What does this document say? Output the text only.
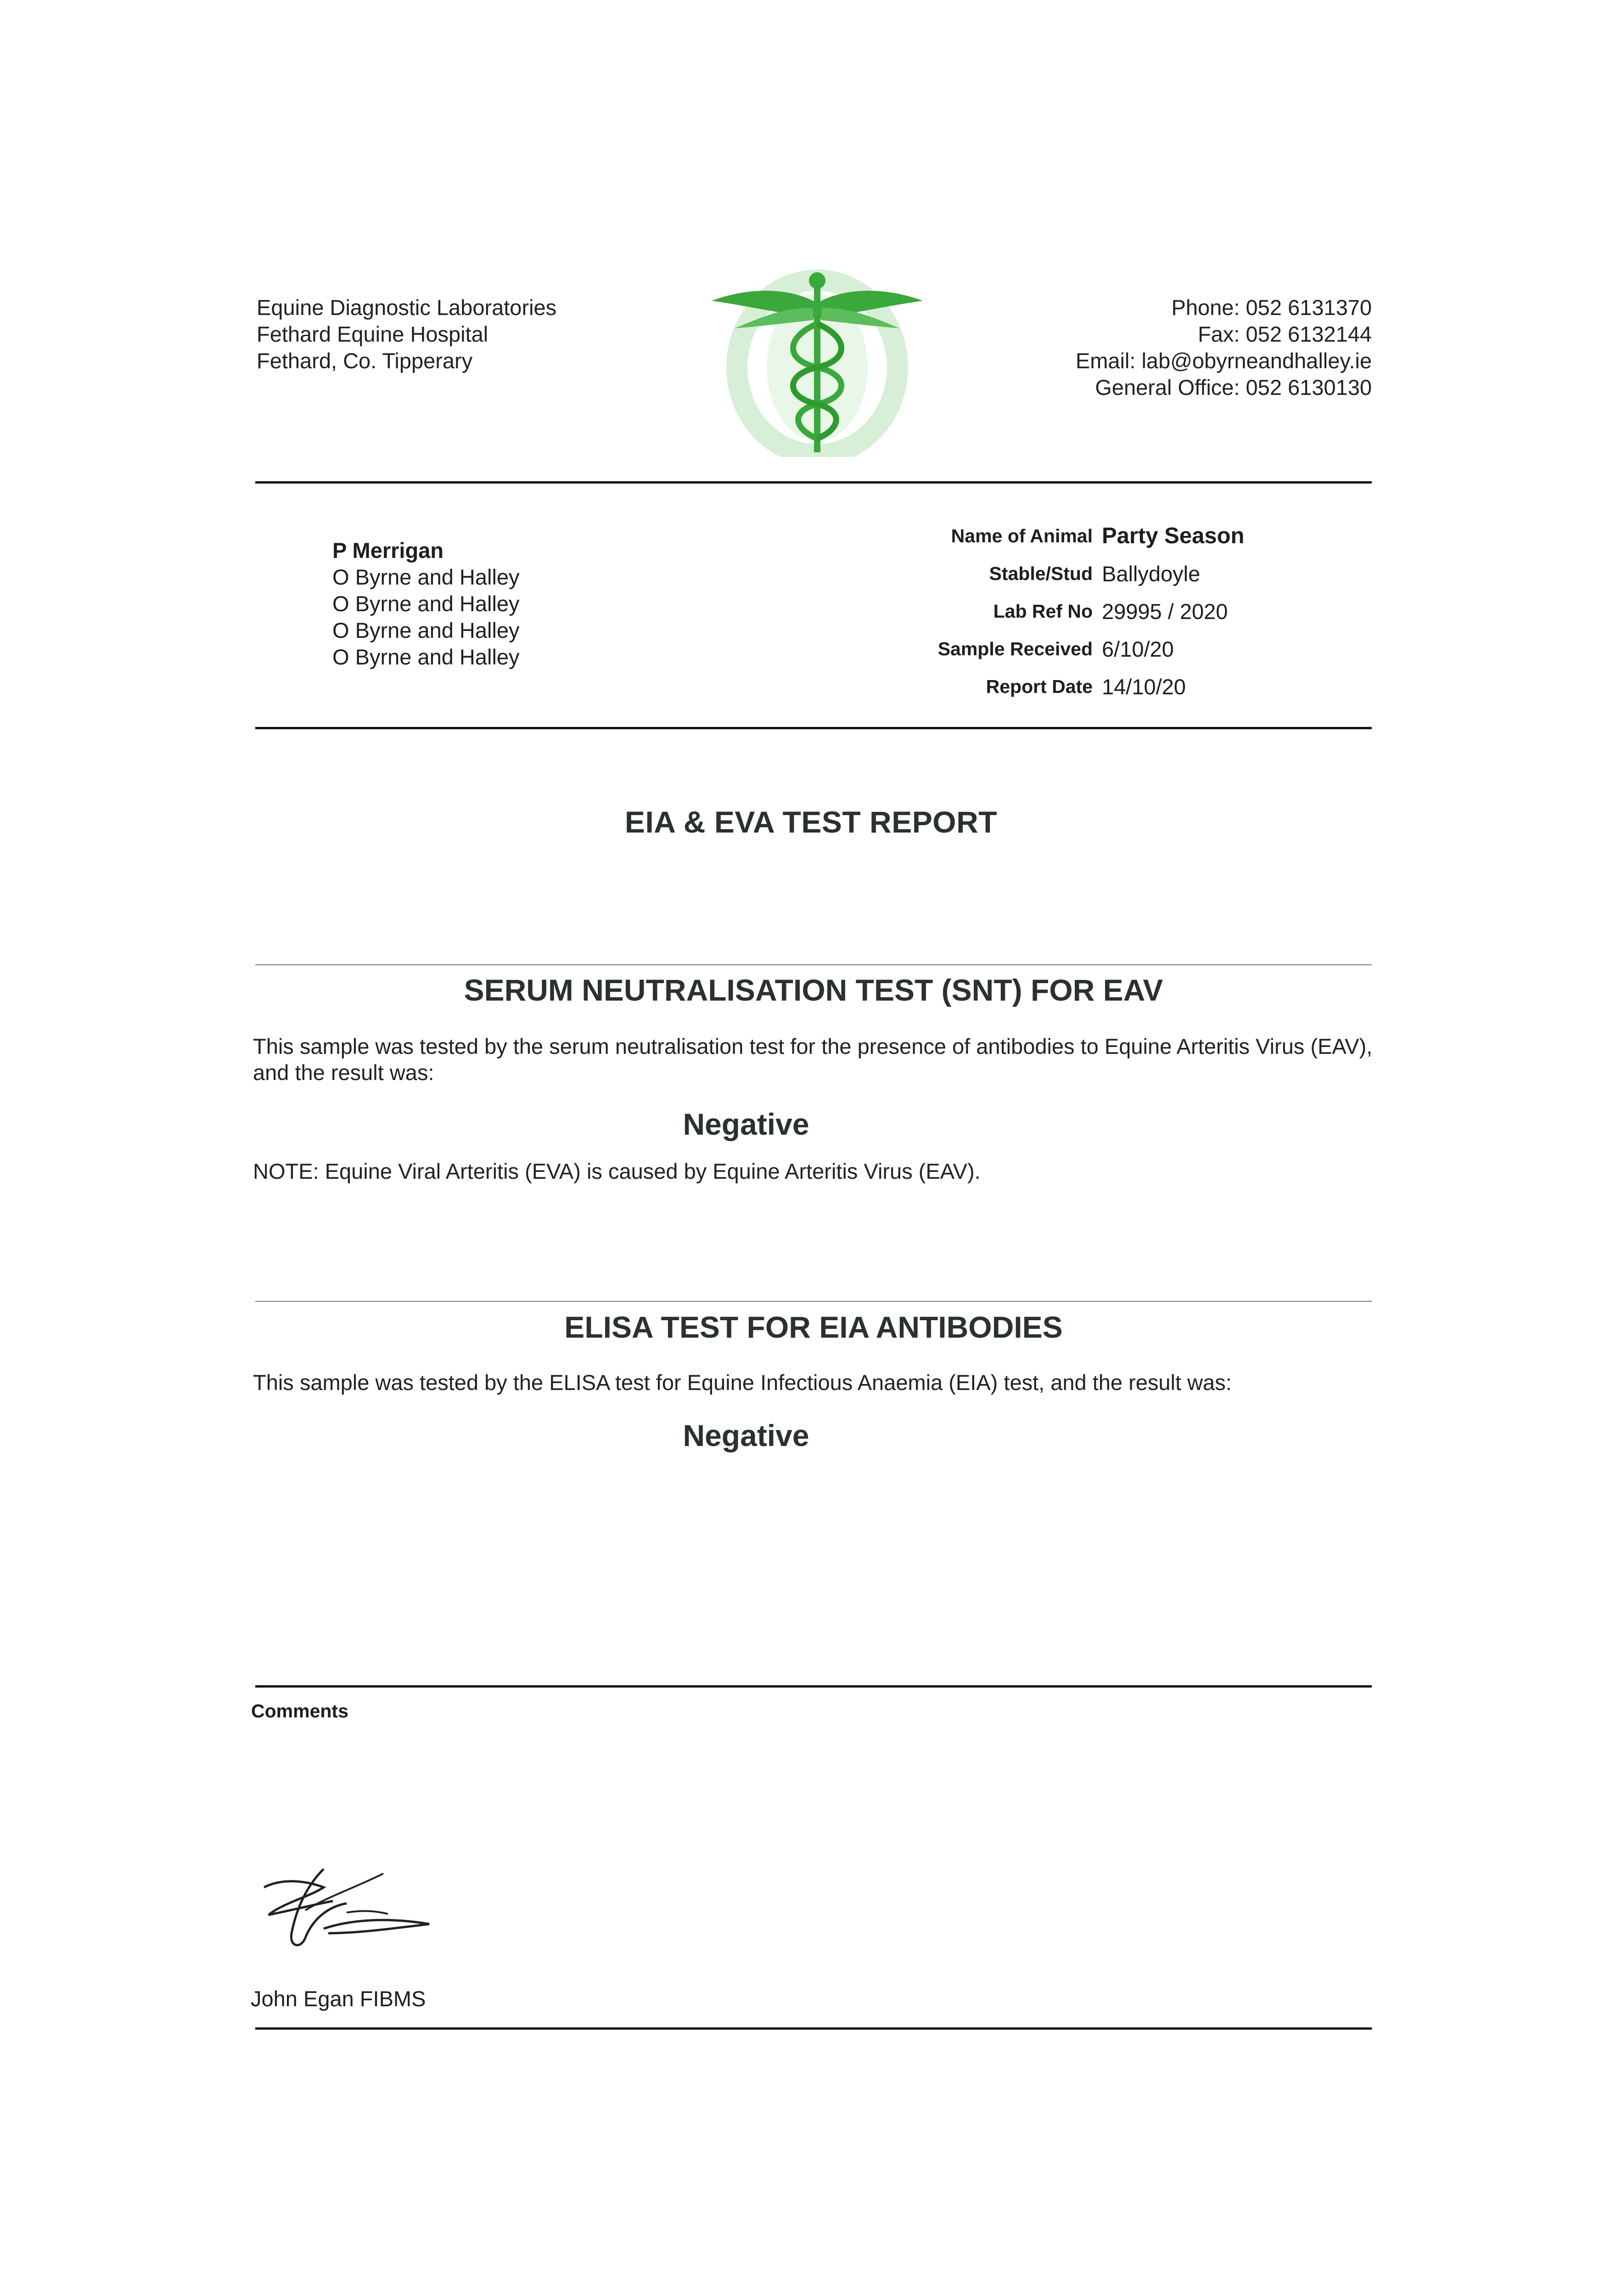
Equine Diagnostic Laboratories
Fethard Equine Hospital
Fethard, Co. Tipperary
Phone: 052 6131370
Fax: 052 6132144
Email: lab@obyrneandhalley.ie
General Office: 052 6130130
P Merrigan
O Byrne and Halley
O Byrne and Halley
O Byrne and Halley
O Byrne and Halley
Name of Animal	Party Season
Stable/Stud	Ballydoyle
Lab Ref No	29995 / 2020
Sample Received	6/10/20
Report Date	14/10/20
EIA & EVA TEST REPORT
SERUM NEUTRALISATION TEST (SNT) FOR EAV
This sample was tested by the serum neutralisation test for the presence of antibodies to Equine Arteritis Virus (EAV), and the result was:
Negative
NOTE: Equine Viral Arteritis (EVA) is caused by Equine Arteritis Virus (EAV).
ELISA TEST FOR EIA ANTIBODIES
This sample was tested by the ELISA test for Equine Infectious Anaemia (EIA) test, and the result was:
Negative
Comments
John Egan FIBMS
